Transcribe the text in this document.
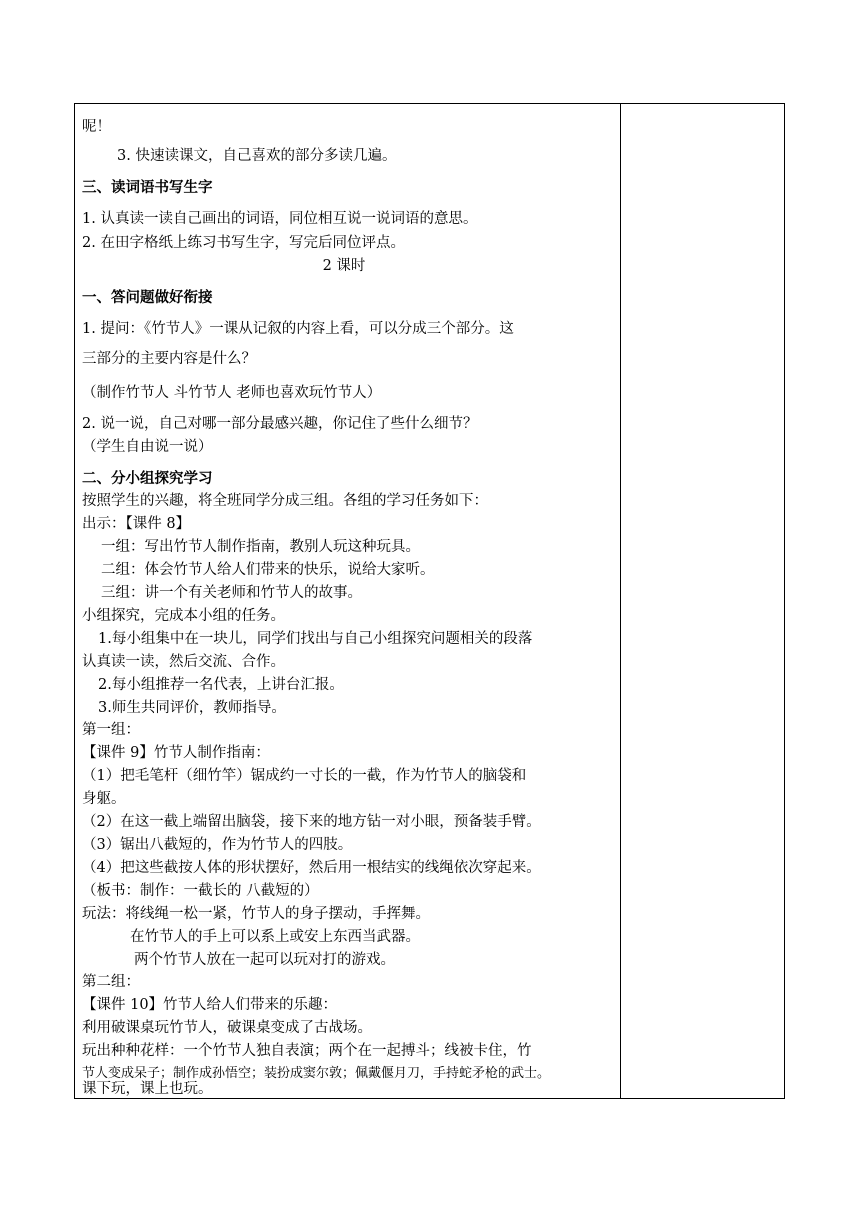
呢！
3. 快速读课文，自己喜欢的部分多读几遍。
三、读词语书写生字
1. 认真读一读自己画出的词语，同位相互说一说词语的意思。
2. 在田字格纸上练习书写生字，写完后同位评点。
2 课时
一、答问题做好衔接
1. 提问：《竹节人》一课从记叙的内容上看，可以分成三个部分。这
三部分的主要内容是什么？
（制作竹节人 斗竹节人 老师也喜欢玩竹节人）
2. 说一说，自己对哪一部分最感兴趣，你记住了些什么细节？
（学生自由说一说）
二、分小组探究学习
按照学生的兴趣，将全班同学分成三组。各组的学习任务如下：
出示：【课件 8】
一组：写出竹节人制作指南，教别人玩这种玩具。
二组：体会竹节人给人们带来的快乐，说给大家听。
三组：讲一个有关老师和竹节人的故事。
小组探究，完成本小组的任务。
1.每小组集中在一块儿，同学们找出与自己小组探究问题相关的段落
认真读一读，然后交流、合作。
2.每小组推荐一名代表，上讲台汇报。
3.师生共同评价，教师指导。
第一组：
【课件 9】竹节人制作指南：
（1）把毛笔杆（细竹竿）锯成约一寸长的一截，作为竹节人的脑袋和
身躯。
（2）在这一截上端留出脑袋，接下来的地方钻一对小眼，预备装手臂。
（3）锯出八截短的，作为竹节人的四肢。
（4）把这些截按人体的形状摆好，然后用一根结实的线绳依次穿起来。
（板书：制作：一截长的 八截短的）
玩法：将线绳一松一紧，竹节人的身子摆动，手挥舞。
在竹节人的手上可以系上或安上东西当武器。
两个竹节人放在一起可以玩对打的游戏。
第二组：
【课件 10】竹节人给人们带来的乐趣：
利用破课桌玩竹节人，破课桌变成了古战场。
玩出种种花样：一个竹节人独自表演；两个在一起搏斗；线被卡住，竹
节人变成呆子；制作成孙悟空；装扮成窦尔敦；佩戴偃月刀，手持蛇矛枪的武士。
课下玩，课上也玩。
